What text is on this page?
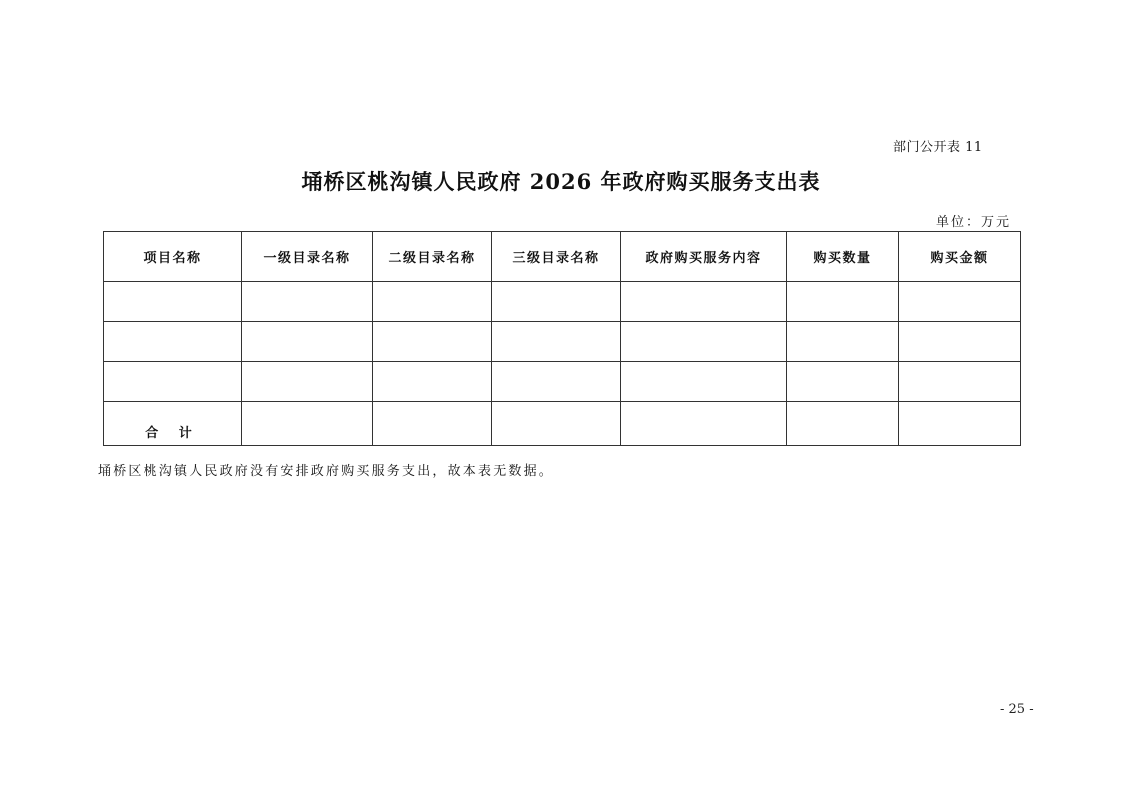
部门公开表 11
埇桥区桃沟镇人民政府 2026 年政府购买服务支出表
单位：万元
项目名称	一级目录名称	二级目录名称	三级目录名称	政府购买服务内容	购买数量	购买金额

合 计						
埇桥区桃沟镇人民政府没有安排政府购买服务支出，故本表无数据。
- 25 -
